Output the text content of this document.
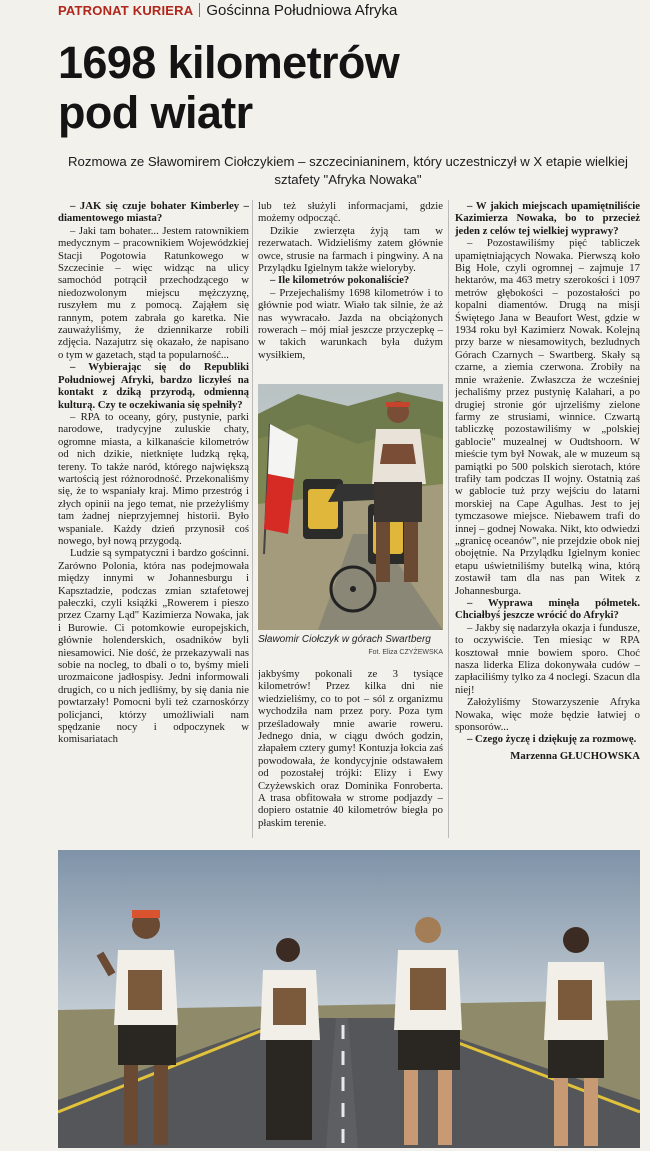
PATRONAT KURIERA Gościnna Południowa Afryka
1698 kilometrów
pod wiatr

Rozmowa ze Sławomirem Ciołczykiem – szczecinianinem, który uczestniczył w X etapie wielkiej sztafety "Afryka Nowaka"

– JAK się czuje bohater Kimberley – diamentowego miasta?

– Jaki tam bohater... Jestem ratownikiem medycznym – pracownikiem Wojewódzkiej Stacji Pogotowia Ratunkowego w Szczecinie – więc widząc na ulicy samochód potrącił przechodzącego w niedozwolonym miejscu mężczyznę, ruszyłem mu z pomocą. Zająłem się rannym, potem zabrała go karetka. Nie zauważyliśmy, że dziennikarze robili zdjęcia. Nazajutrz się okazało, że napisano o tym w gazetach, stąd ta popularność...

– Wybierając się do Republiki Południowej Afryki, bardzo liczyłeś na kontakt z dziką przyrodą, odmienną kulturą. Czy te oczekiwania się spełniły?

– RPA to oceany, góry, pustynie, parki narodowe, tradycyjne zuluskie chaty, ogromne miasta, a kilkanaście kilometrów od nich dzikie, nietknięte ludzką ręką, tereny. To także naród, którego największą wartością jest różnorodność. Przekonaliśmy się, że to wspaniały kraj. Mimo przestróg i złych opinii na jego temat, nie przeżyliśmy tam żadnej nieprzyjemnej historii. Było wspaniale. Każdy dzień przynosił coś nowego, był nową przygodą.

Ludzie są sympatyczni i bardzo gościnni. Zarówno Polonia, która nas podejmowała między innymi w Johannesburgu i Kapsztadzie, podczas zmian sztafetowej pałeczki, czyli książki „Rowerem i pieszo przez Czarny Ląd" Kazimierza Nowaka, jak i Burowie. Ci potomkowie europejskich, głównie holenderskich, osadników byli niesamowici. Nie dość, że przekazywali nas sobie na nocleg, to dbali o to, byśmy mieli urozmaicone jadłospisy. Jedni informowali drugich, co u nich jedliśmy, by się dania nie powtarzały! Pomocni byli też czarnoskórzy policjanci, którzy umożliwiali nam spędzanie nocy i odpoczynek w komisariatach

lub też służyli informacjami, gdzie możemy odpocząć.

Dzikie zwierzęta żyją tam w rezerwatach. Widzieliśmy zatem głównie owce, strusie na farmach i pingwiny. A na Przylądku Igielnym także wieloryby.

– Ile kilometrów pokonaliście?

– Przejechaliśmy 1698 kilometrów i to głównie pod wiatr. Wiało tak silnie, że aż nas wywracało. Jazda na obciążonych rowerach – mój miał jeszcze przyczepkę – w takich warunkach była dużym wysiłkiem,

Sławomir Ciołczyk w górach Swartberg
Fot. Eliza CZYŻEWSKA

jakbyśmy pokonali ze 3 tysiące kilometrów! Przez kilka dni nie wiedzieliśmy, co to pot – sól z organizmu wychodziła nam przez pory. Poza tym prześladowały mnie awarie roweru. Jednego dnia, w ciągu dwóch godzin, złapałem cztery gumy! Kontuzja łokcia zaś powodowała, że kondycyjnie odstawałem od pozostałej trójki: Elizy i Ewy Czyżewskich oraz Dominika Fonroberta. A trasa obfitowała w strome podjazdy – dopiero ostatnie 40 kilometrów biegła po płaskim terenie.

– W jakich miejscach upamiętniliście Kazimierza Nowaka, bo to przecież jeden z celów tej wielkiej wyprawy?

– Pozostawiliśmy pięć tabliczek upamiętniających Nowaka. Pierwszą koło Big Hole, czyli ogromnej – zajmuje 17 hektarów, ma 463 metry szerokości i 1097 metrów głębokości – pozostałości po kopalni diamentów. Drugą na misji Świętego Jana w Beaufort West, gdzie w 1934 roku był Kazimierz Nowak. Kolejną przy barze w niesamowitych, bezludnych Górach Czarnych – Swartberg. Skały są czarne, a ziemia czerwona. Zrobiły na mnie wrażenie. Zwłaszcza że wcześniej jechaliśmy przez pustynię Kalahari, a po drugiej stronie gór ujrzeliśmy zielone farmy ze strusiami, winnice. Czwartą tabliczkę pozostawiliśmy w „polskiej gablocie" muzealnej w Oudtshoorn. W mieście tym był Nowak, ale w muzeum są pamiątki po 500 polskich sierotach, które trafiły tam podczas II wojny. Ostatnią zaś w gablocie tuż przy wejściu do latarni morskiej na Cape Agulhas. Jest to jej tymczasowe miejsce. Niebawem trafi do innej – godnej Nowaka. Nikt, kto odwiedzi „granicę oceanów", nie przejdzie obok niej obojętnie. Na Przylądku Igielnym koniec etapu uświetniliśmy butelką wina, którą zostawił tam dla nas pan Witek z Johannesburga.

– Wyprawa minęła półmetek. Chciałbyś jeszcze wrócić do Afryki?

– Jakby się nadarzyła okazja i fundusze, to oczywiście. Ten miesiąc w RPA kosztował mnie bowiem sporo. Choć nasza liderka Eliza dokonywała cudów – zapłaciliśmy tylko za 4 noclegi. Szacun dla niej!

Założyliśmy Stowarzyszenie Afryka Nowaka, więc może będzie łatwiej o sponsorów...

– Czego życzę i dziękuję za rozmowę.

Marzenna GŁUCHOWSKA
